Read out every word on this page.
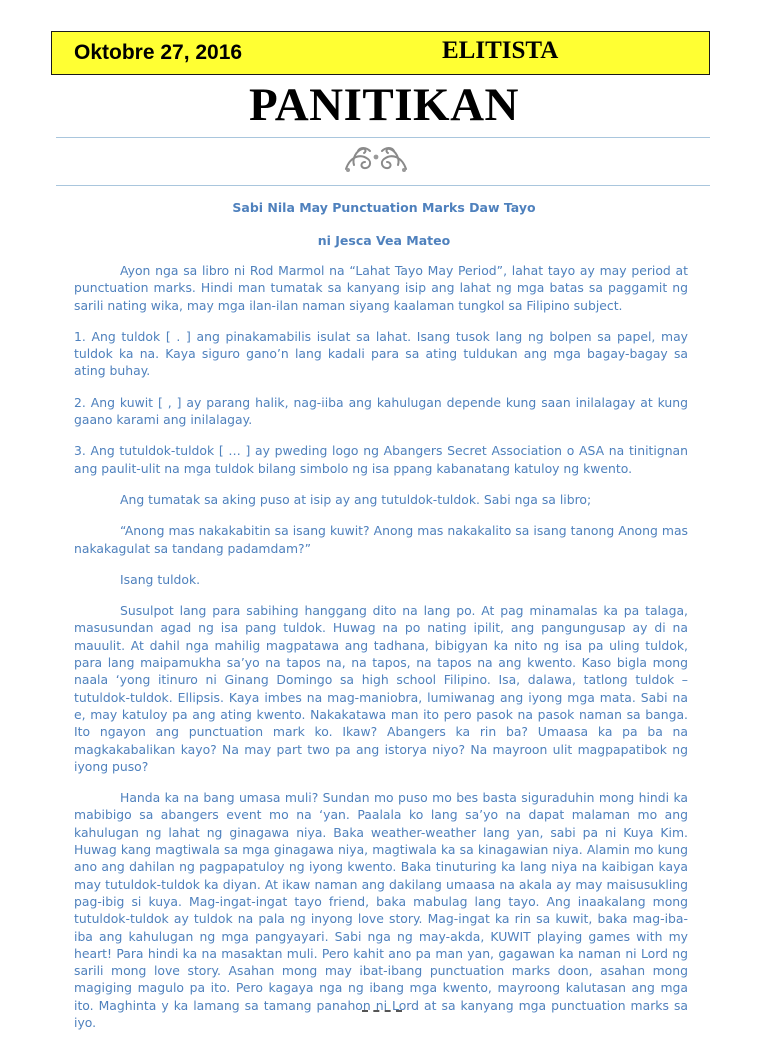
Oktobre 27, 2016	ELITISTA
PANITIKAN
Sabi Nila May Punctuation Marks Daw Tayo
ni Jesca Vea Mateo

Ayon nga sa libro ni Rod Marmol na “Lahat Tayo May Period”, lahat tayo ay may period at punctuation marks. Hindi man tumatak sa kanyang isip ang lahat ng mga batas sa paggamit ng sarili nating wika, may mga ilan-ilan naman siyang kaalaman tungkol sa Filipino subject.

1. Ang tuldok [ . ] ang pinakamabilis isulat sa lahat. Isang tusok lang ng bolpen sa papel, may tuldok ka na. Kaya siguro gano’n lang kadali para sa ating tuldukan ang mga bagay-bagay sa ating buhay.

2. Ang kuwit [ , ] ay parang halik, nag-iiba ang kahulugan depende kung saan inilalagay at kung gaano karami ang inilalagay.

3. Ang tutuldok-tuldok [ … ] ay pweding logo ng Abangers Secret Association o ASA na tinitignan ang paulit-ulit na mga tuldok bilang simbolo ng isa ppang kabanatang katuloy ng kwento.

Ang tumatak sa aking puso at isip ay ang tutuldok-tuldok. Sabi nga sa libro;

“Anong mas nakakabitin sa isang kuwit? Anong mas nakakalito sa isang tanong Anong mas nakakagulat sa tandang padamdam?”

Isang tuldok.

Susulpot lang para sabihing hanggang dito na lang po. At pag minamalas ka pa talaga, masusundan agad ng isa pang tuldok. Huwag na po nating ipilit, ang pangungusap ay di na mauulit. At dahil nga mahilig magpatawa ang tadhana, bibigyan ka nito ng isa pa uling tuldok, para lang maipamukha sa’yo na tapos na, na tapos, na tapos na ang kwento. Kaso bigla mong naala ‘yong itinuro ni Ginang Domingo sa high school Filipino. Isa, dalawa, tatlong tuldok – tutuldok-tuldok. Ellipsis. Kaya imbes na mag-maniobra, lumiwanag ang iyong mga mata. Sabi na e, may katuloy pa ang ating kwento. Nakakatawa man ito pero pasok na pasok naman sa banga. Ito ngayon ang punctuation mark ko. Ikaw? Abangers ka rin ba? Umaasa ka pa ba na magkakabalikan kayo? Na may part two pa ang istorya niyo? Na mayroon ulit magpapatibok ng iyong puso?

Handa ka na bang umasa muli? Sundan mo puso mo bes basta siguraduhin mong hindi ka mabibigo sa abangers event mo na ‘yan. Paalala ko lang sa’yo na dapat malaman mo ang kahulugan ng lahat ng ginagawa niya. Baka weather-weather lang yan, sabi pa ni Kuya Kim. Huwag kang magtiwala sa mga ginagawa niya, magtiwala ka sa kinagawian niya. Alamin mo kung ano ang dahilan ng pagpapatuloy ng iyong kwento. Baka tinuturing ka lang niya na kaibigan kaya may tutuldok-tuldok ka diyan. At ikaw naman ang dakilang umaasa na akala ay may maisusukling pag-ibig si kuya. Mag-ingat-ingat tayo friend, baka mabulag lang tayo. Ang inaakalang mong tutuldok-tuldok ay tuldok na pala ng inyong love story. Mag-ingat ka rin sa kuwit, baka mag-iba-iba ang kahulugan ng mga pangyayari. Sabi nga ng may-akda, KUWIT playing games with my heart! Para hindi ka na masaktan muli. Pero kahit ano pa man yan, gagawan ka naman ni Lord ng sarili mong love story. Asahan mong may ibat-ibang punctuation marks doon, asahan mong magiging magulo pa ito. Pero kagaya nga ng ibang mga kwento, mayroong kalutasan ang mga ito. Maghinta y ka lamang sa tamang panahon ni Lord at sa kanyang mga punctuation marks sa iyo.
